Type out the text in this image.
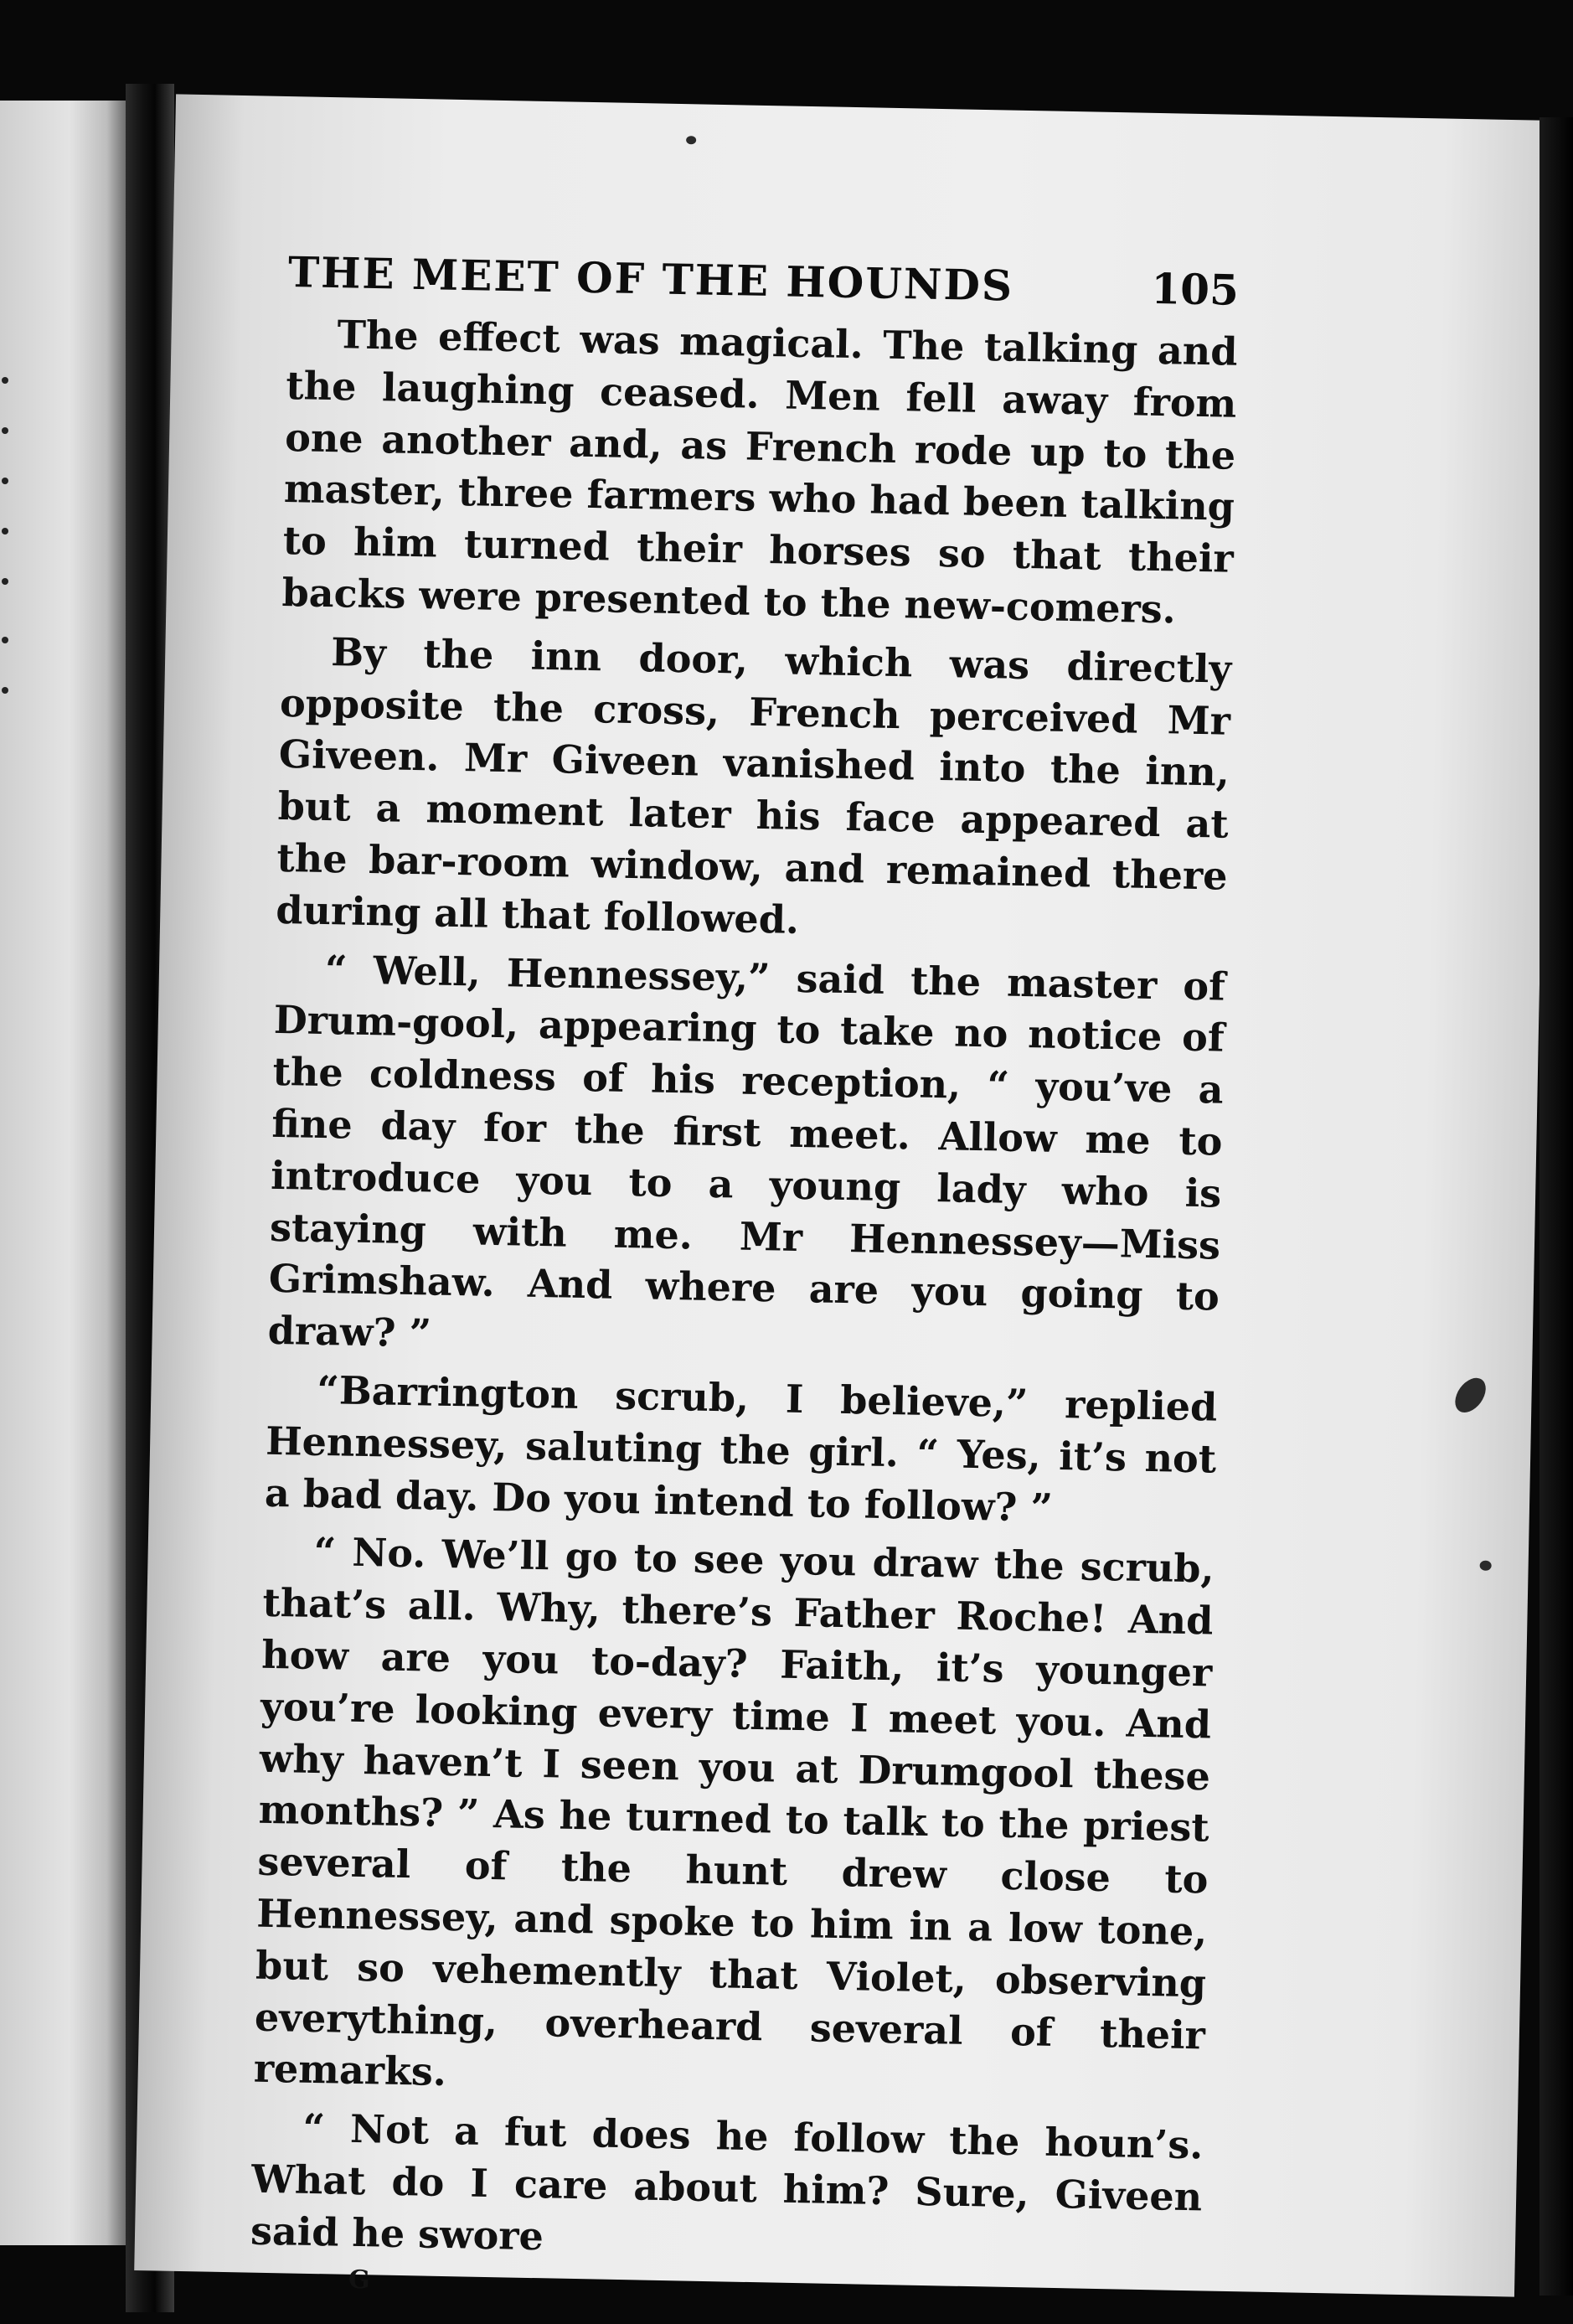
THE MEET OF THE HOUNDS	105

The effect was magical. The talking and the laughing ceased. Men fell away from one another and, as French rode up to the master, three farmers who had been talking to him turned their horses so that their backs were presented to the new-comers.

By the inn door, which was directly opposite the cross, French perceived Mr Giveen. Mr Giveen vanished into the inn, but a moment later his face appeared at the bar-room window, and remained there during all that followed.

“ Well, Hennessey,” said the master of Drum-gool, appearing to take no notice of the coldness of his reception, “ you’ve a fine day for the first meet. Allow me to introduce you to a young lady who is staying with me. Mr Hennessey—Miss Grimshaw. And where are you going to draw? ”

“Barrington scrub, I believe,” replied Hennessey, saluting the girl. “ Yes, it’s not a bad day. Do you intend to follow? ”

“ No. We’ll go to see you draw the scrub, that’s all. Why, there’s Father Roche! And how are you to-day? Faith, it’s younger you’re looking every time I meet you. And why haven’t I seen you at Drumgool these months? ” As he turned to talk to the priest several of the hunt drew close to Hennessey, and spoke to him in a low tone, but so vehemently that Violet, observing everything, overheard several of their remarks.

“ Not a fut does he follow the houn’s. What do I care about him? Sure, Giveen said he swore

G
